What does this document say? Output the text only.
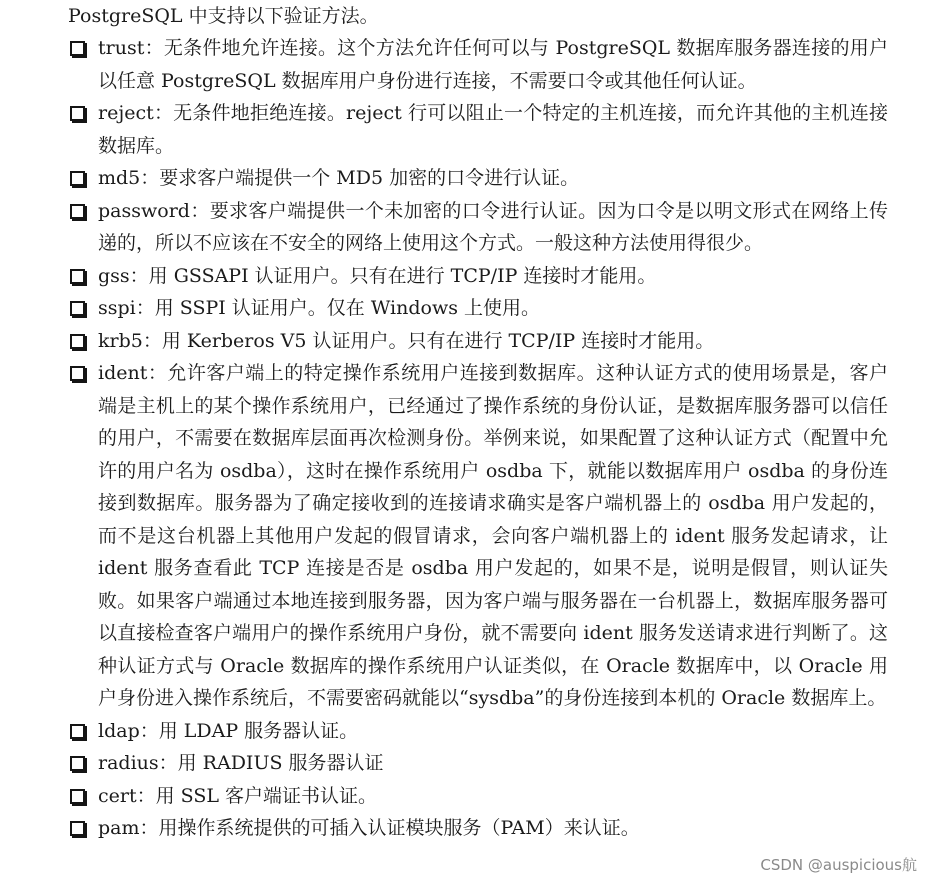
PostgreSQL 中支持以下验证方法。

trust：无条件地允许连接。这个方法允许任何可以与 PostgreSQL 数据库服务器连接的用户以任意 PostgreSQL 数据库用户身份进行连接，不需要口令或其他任何认证。
reject：无条件地拒绝连接。reject 行可以阻止一个特定的主机连接，而允许其他的主机连接数据库。
md5：要求客户端提供一个 MD5 加密的口令进行认证。
password：要求客户端提供一个未加密的口令进行认证。因为口令是以明文形式在网络上传递的，所以不应该在不安全的网络上使用这个方式。一般这种方法使用得很少。
gss：用 GSSAPI 认证用户。只有在进行 TCP/IP 连接时才能用。
sspi：用 SSPI 认证用户。仅在 Windows 上使用。
krb5：用 Kerberos V5 认证用户。只有在进行 TCP/IP 连接时才能用。
ident：允许客户端上的特定操作系统用户连接到数据库。这种认证方式的使用场景是，客户端是主机上的某个操作系统用户，已经通过了操作系统的身份认证，是数据库服务器可以信任的用户，不需要在数据库层面再次检测身份。举例来说，如果配置了这种认证方式（配置中允许的用户名为 osdba），这时在操作系统用户 osdba 下，就能以数据库用户 osdba 的身份连接到数据库。服务器为了确定接收到的连接请求确实是客户端机器上的 osdba 用户发起的，而不是这台机器上其他用户发起的假冒请求，会向客户端机器上的 ident 服务发起请求，让 ident 服务查看此 TCP 连接是否是 osdba 用户发起的，如果不是，说明是假冒，则认证失败。如果客户端通过本地连接到服务器，因为客户端与服务器在一台机器上，数据库服务器可以直接检查客户端用户的操作系统用户身份，就不需要向 ident 服务发送请求进行判断了。这种认证方式与 Oracle 数据库的操作系统用户认证类似，在 Oracle 数据库中，以 Oracle 用户身份进入操作系统后，不需要密码就能以“sysdba”的身份连接到本机的 Oracle 数据库上。
ldap：用 LDAP 服务器认证。
radius：用 RADIUS 服务器认证
cert：用 SSL 客户端证书认证。
pam：用操作系统提供的可插入认证模块服务（PAM）来认证。
CSDN @auspicious航
